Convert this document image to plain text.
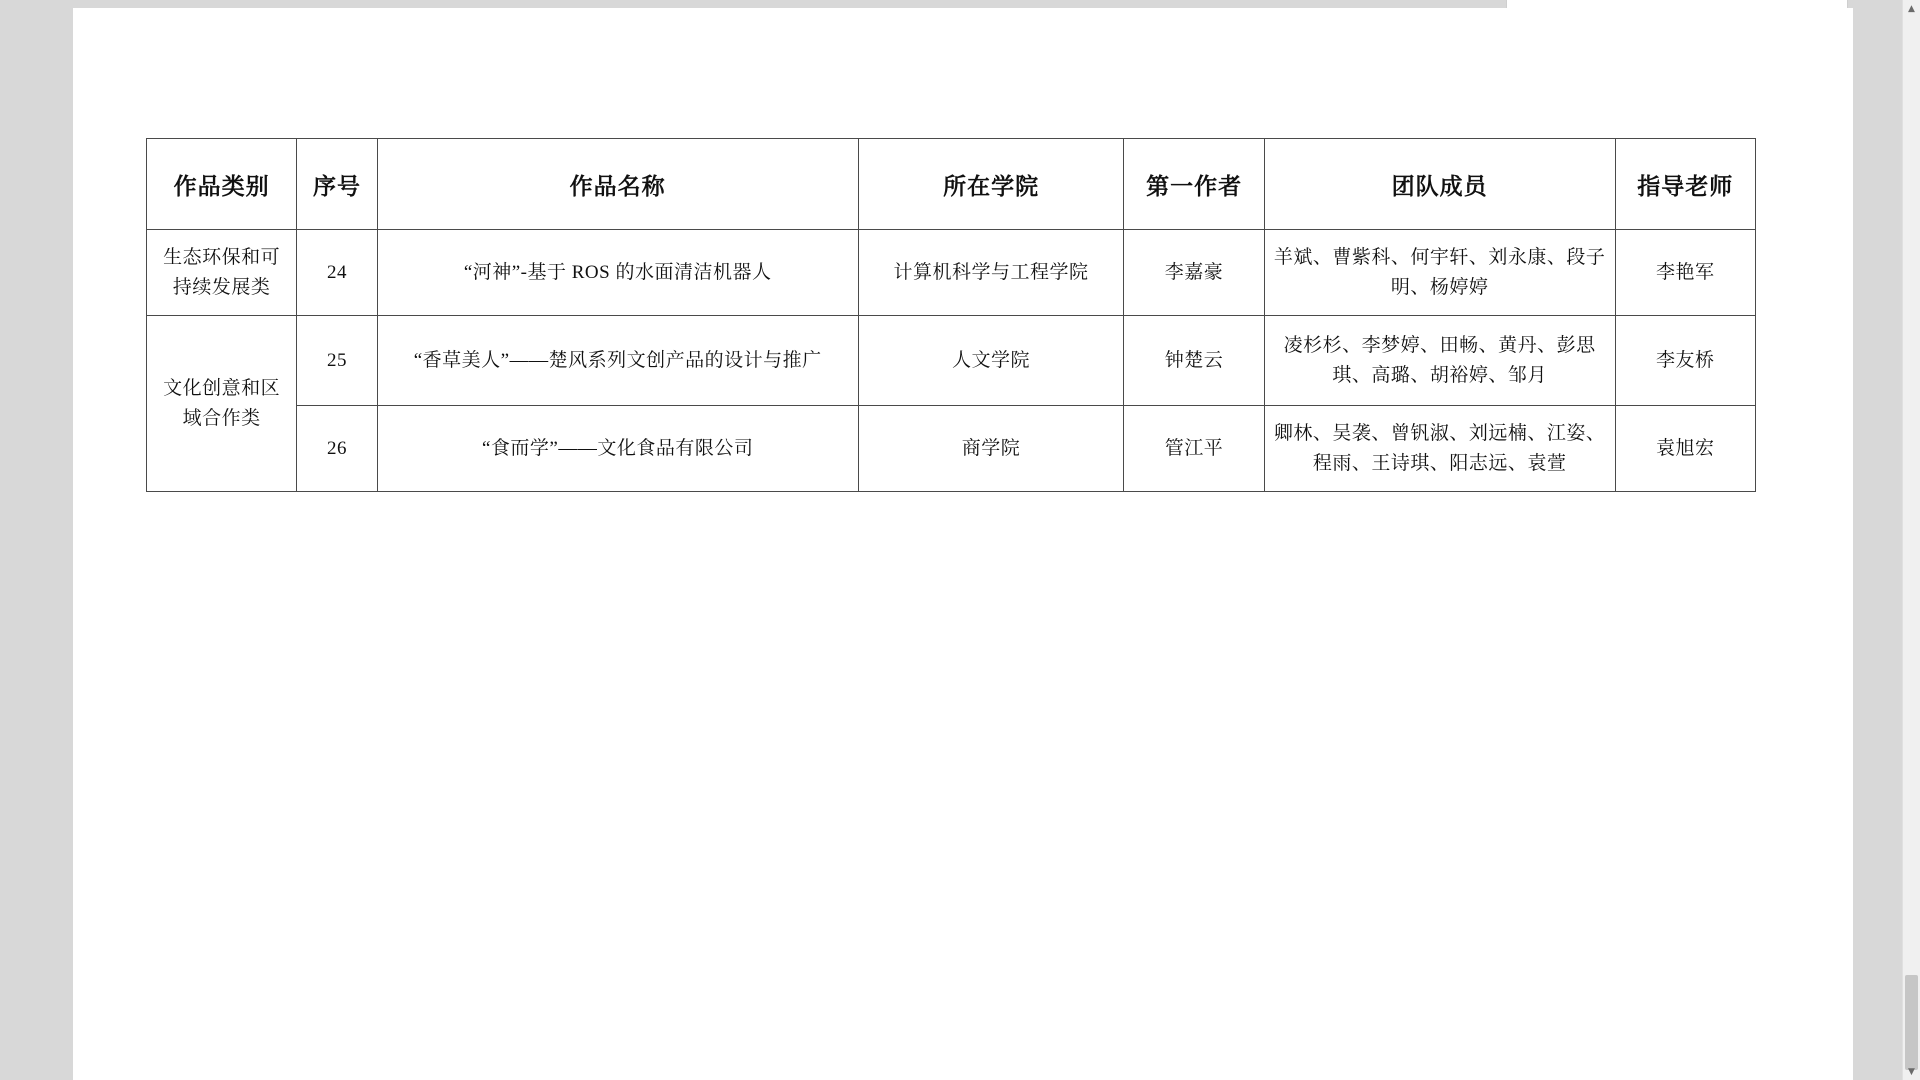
作品类别	序号	作品名称	所在学院	第一作者	团队成员	指导老师
生态环保和可持续发展类	24	“河神”-基于 ROS 的水面清洁机器人	计算机科学与工程学院	李嘉豪	羊斌、曹紫科、何宇轩、刘永康、段子明、杨婷婷	李艳军
文化创意和区域合作类	25	“香草美人”——楚风系列文创产品的设计与推广	人文学院	钟楚云	凌杉杉、李梦婷、田畅、黄丹、彭思琪、高璐、胡裕婷、邹月	李友桥
	26	“食而学”——文化食品有限公司	商学院	管江平	卿林、吴袭、曾钒淑、刘远楠、江姿、程雨、王诗琪、阳志远、袁萱	袁旭宏
▲
▼
